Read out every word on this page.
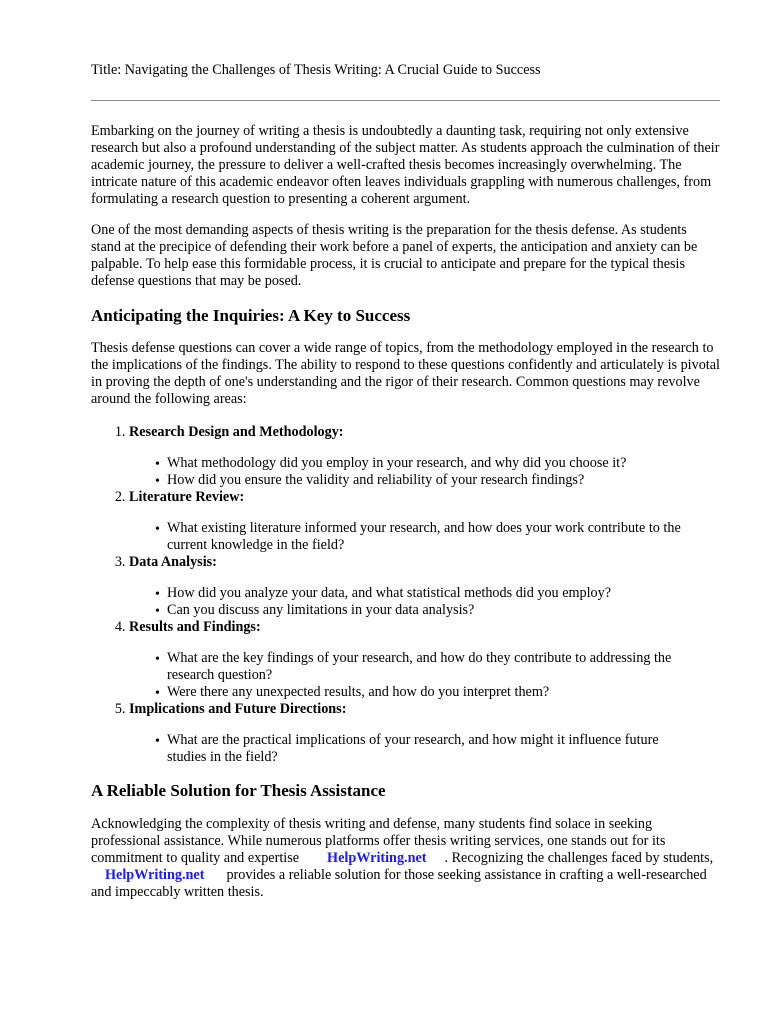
Title: Navigating the Challenges of Thesis Writing: A Crucial Guide to Success

Embarking on the journey of writing a thesis is undoubtedly a daunting task, requiring not only extensive research but also a profound understanding of the subject matter. As students approach the culmination of their academic journey, the pressure to deliver a well-crafted thesis becomes increasingly overwhelming. The intricate nature of this academic endeavor often leaves individuals grappling with numerous challenges, from formulating a research question to presenting a coherent argument.

One of the most demanding aspects of thesis writing is the preparation for the thesis defense. As students stand at the precipice of defending their work before a panel of experts, the anticipation and anxiety can be palpable. To help ease this formidable process, it is crucial to anticipate and prepare for the typical thesis defense questions that may be posed.

Anticipating the Inquiries: A Key to Success

Thesis defense questions can cover a wide range of topics, from the methodology employed in the research to the implications of the findings. The ability to respond to these questions confidently and articulately is pivotal in proving the depth of one's understanding and the rigor of their research. Common questions may revolve around the following areas:

1. Research Design and Methodology:
• What methodology did you employ in your research, and why did you choose it?
• How did you ensure the validity and reliability of your research findings?
2. Literature Review:
• What existing literature informed your research, and how does your work contribute to the current knowledge in the field?
3. Data Analysis:
• How did you analyze your data, and what statistical methods did you employ?
• Can you discuss any limitations in your data analysis?
4. Results and Findings:
• What are the key findings of your research, and how do they contribute to addressing the research question?
• Were there any unexpected results, and how do you interpret them?
5. Implications and Future Directions:
• What are the practical implications of your research, and how might it influence future studies in the field?
A Reliable Solution for Thesis Assistance

Acknowledging the complexity of thesis writing and defense, many students find solace in seeking professional assistance. While numerous platforms offer thesis writing services, one stands out for its commitment to quality and expertise HelpWriting.net . Recognizing the challenges faced by students,HelpWriting.net provides a reliable solution for those seeking assistance in crafting a well-researched and impeccably written thesis.
